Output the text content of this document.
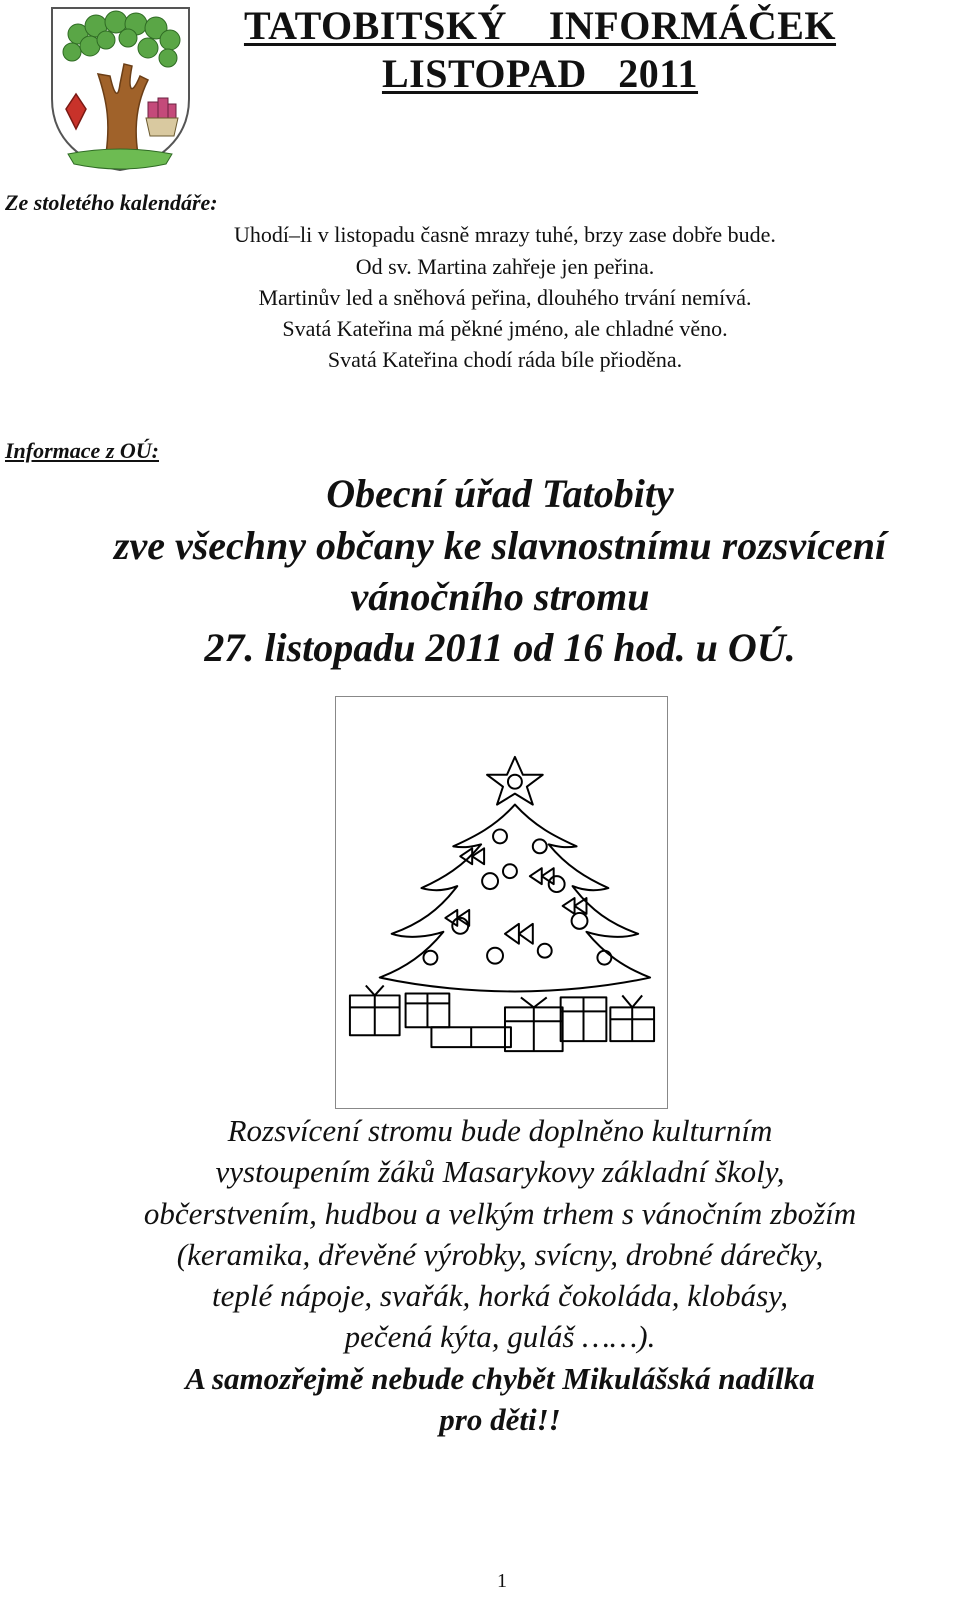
TATOBITSKÝ    INFORMÁČEK
LISTOPAD   2011
Ze stoletého kalendáře:
Uhodí–li v listopadu časně mrazy tuhé, brzy zase dobře bude.
Od sv. Martina zahřeje jen peřina.
Martinův led a sněhová peřina, dlouhého trvání nemívá.
Svatá Kateřina má pěkné jméno, ale chladné věno.
Svatá Kateřina chodí ráda bíle přioděna.
Informace z OÚ:
Obecní úřad Tatobity
zve všechny občany ke slavnostnímu rozsvícení
vánočního stromu
27. listopadu 2011 od 16 hod. u OÚ.
Rozsvícení stromu bude doplněno kulturním
vystoupením žáků Masarykovy základní školy,
občerstvením, hudbou a velkým trhem s vánočním zbožím
(keramika, dřevěné výrobky, svícny, drobné dárečky,
teplé nápoje, svařák, horká čokoláda, klobásy,
pečená kýta, guláš ……).
A samozřejmě nebude chybět Mikulášská nadílka
pro děti!!
1
